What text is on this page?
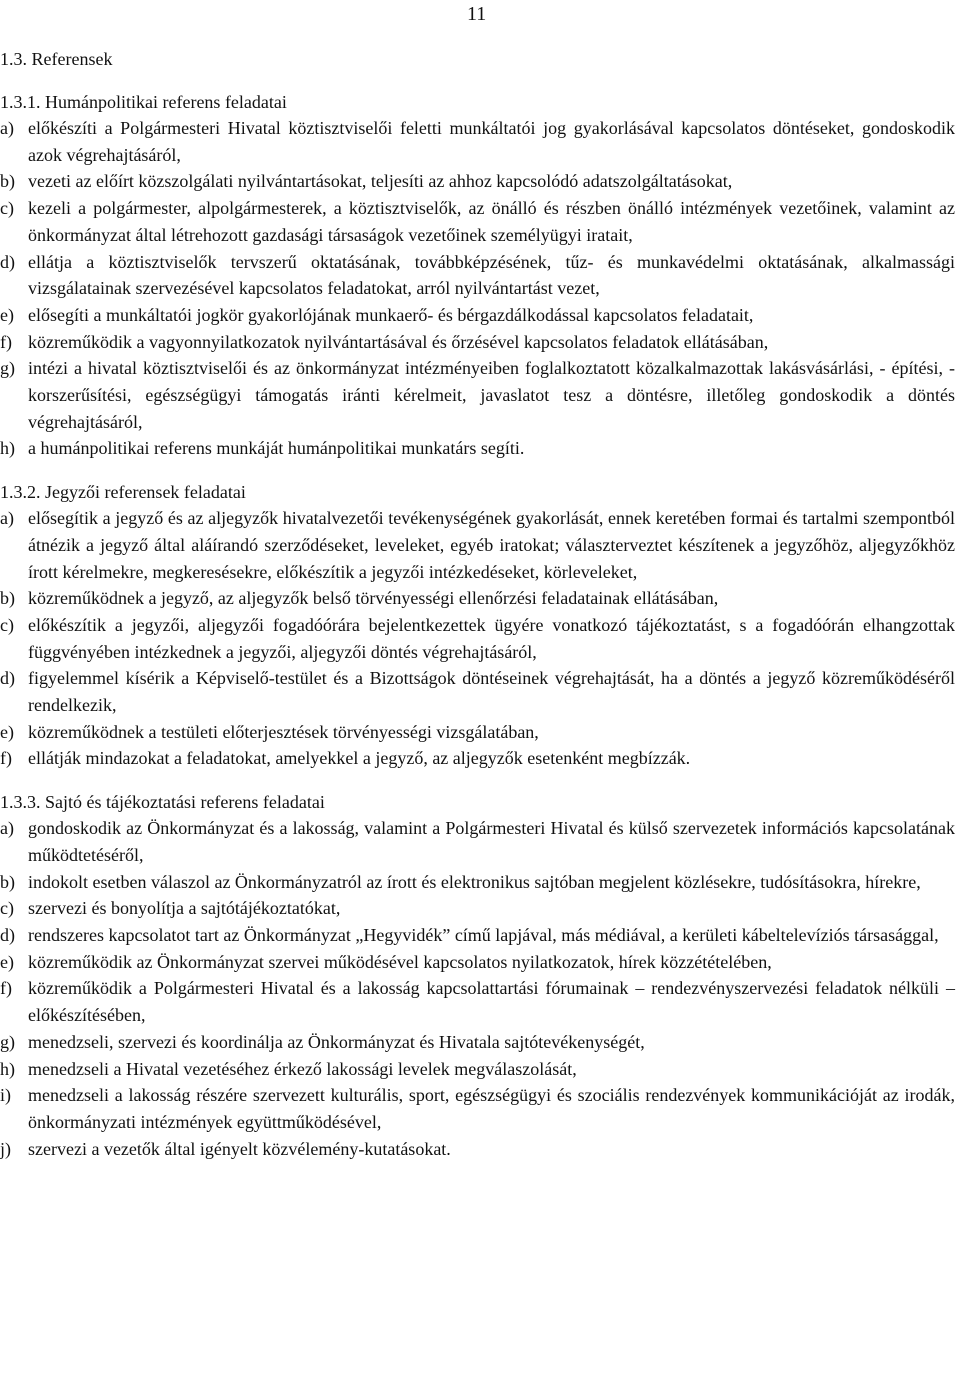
11

1.3. Referensek

1.3.1. Humánpolitikai referens feladatai

a) előkészíti a Polgármesteri Hivatal köztisztviselői feletti munkáltatói jog gyakorlásával kapcsolatos döntéseket, gondoskodik azok végrehajtásáról,
b) vezeti az előírt közszolgálati nyilvántartásokat, teljesíti az ahhoz kapcsolódó adatszolgáltatásokat,
c) kezeli a polgármester, alpolgármesterek, a köztisztviselők, az önálló és részben önálló intézmények vezetőinek, valamint az önkormányzat által létrehozott gazdasági társaságok vezetőinek személyügyi iratait,
d) ellátja a köztisztviselők tervszerű oktatásának, továbbképzésének, tűz- és munkavédelmi oktatásának, alkalmassági vizsgálatainak szervezésével kapcsolatos feladatokat, arról nyilvántartást vezet,
e) elősegíti a munkáltatói jogkör gyakorlójának munkaerő- és bérgazdálkodással kapcsolatos feladatait,
f) közreműködik a vagyonnyilatkozatok nyilvántartásával és őrzésével kapcsolatos feladatok ellátásában,
g) intézi a hivatal köztisztviselői és az önkormányzat intézményeiben foglalkoztatott közalkalmazottak lakásvásárlási, - építési, - korszerűsítési, egészségügyi támogatás iránti kérelmeit, javaslatot tesz a döntésre, illetőleg gondoskodik a döntés végrehajtásáról,
h) a humánpolitikai referens munkáját humánpolitikai munkatárs segíti.

1.3.2. Jegyzői referensek feladatai

a) elősegítik a jegyző és az aljegyzők hivatalvezetői tevékenységének gyakorlását, ennek keretében formai és tartalmi szempontból átnézik a jegyző által aláírandó szerződéseket, leveleket, egyéb iratokat; választerveztet készítenek a jegyzőhöz, aljegyzőkhöz írott kérelmekre, megkeresésekre, előkészítik a jegyzői intézkedéseket, körleveleket,
b) közreműködnek a jegyző, az aljegyzők belső törvényességi ellenőrzési feladatainak ellátásában,
c) előkészítik a jegyzői, aljegyzői fogadóórára bejelentkezettek ügyére vonatkozó tájékoztatást, s a fogadóórán elhangzottak függvényében intézkednek a jegyzői, aljegyzői döntés végrehajtásáról,
d) figyelemmel kísérik a Képviselő-testület és a Bizottságok döntéseinek végrehajtását, ha a döntés a jegyző közreműködéséről rendelkezik,
e) közreműködnek a testületi előterjesztések törvényességi vizsgálatában,
f) ellátják mindazokat a feladatokat, amelyekkel a jegyző, az aljegyzők esetenként megbízzák.

1.3.3. Sajtó és tájékoztatási referens feladatai

a) gondoskodik az Önkormányzat és a lakosság, valamint a Polgármesteri Hivatal és külső szervezetek információs kapcsolatának működtetéséről,
b) indokolt esetben válaszol az Önkormányzatról az írott és elektronikus sajtóban megjelent közlésekre, tudósításokra, hírekre,
c) szervezi és bonyolítja a sajtótájékoztatókat,
d) rendszeres kapcsolatot tart az Önkormányzat „Hegyvidék” című lapjával, más médiával, a kerületi kábeltelevíziós társasággal,
e) közreműködik az Önkormányzat szervei működésével kapcsolatos nyilatkozatok, hírek közzétételében,
f) közreműködik a Polgármesteri Hivatal és a lakosság kapcsolattartási fórumainak – rendezvényszervezési feladatok nélküli – előkészítésében,
g) menedzseli, szervezi és koordinálja az Önkormányzat és Hivatala sajtótevékenységét,
h) menedzseli a Hivatal vezetéséhez érkező lakossági levelek megválaszolását,
i) menedzseli a lakosság részére szervezett kulturális, sport, egészségügyi és szociális rendezvények kommunikációját az irodák, önkormányzati intézmények együttműködésével,
j) szervezi a vezetők által igényelt közvélemény-kutatásokat.
